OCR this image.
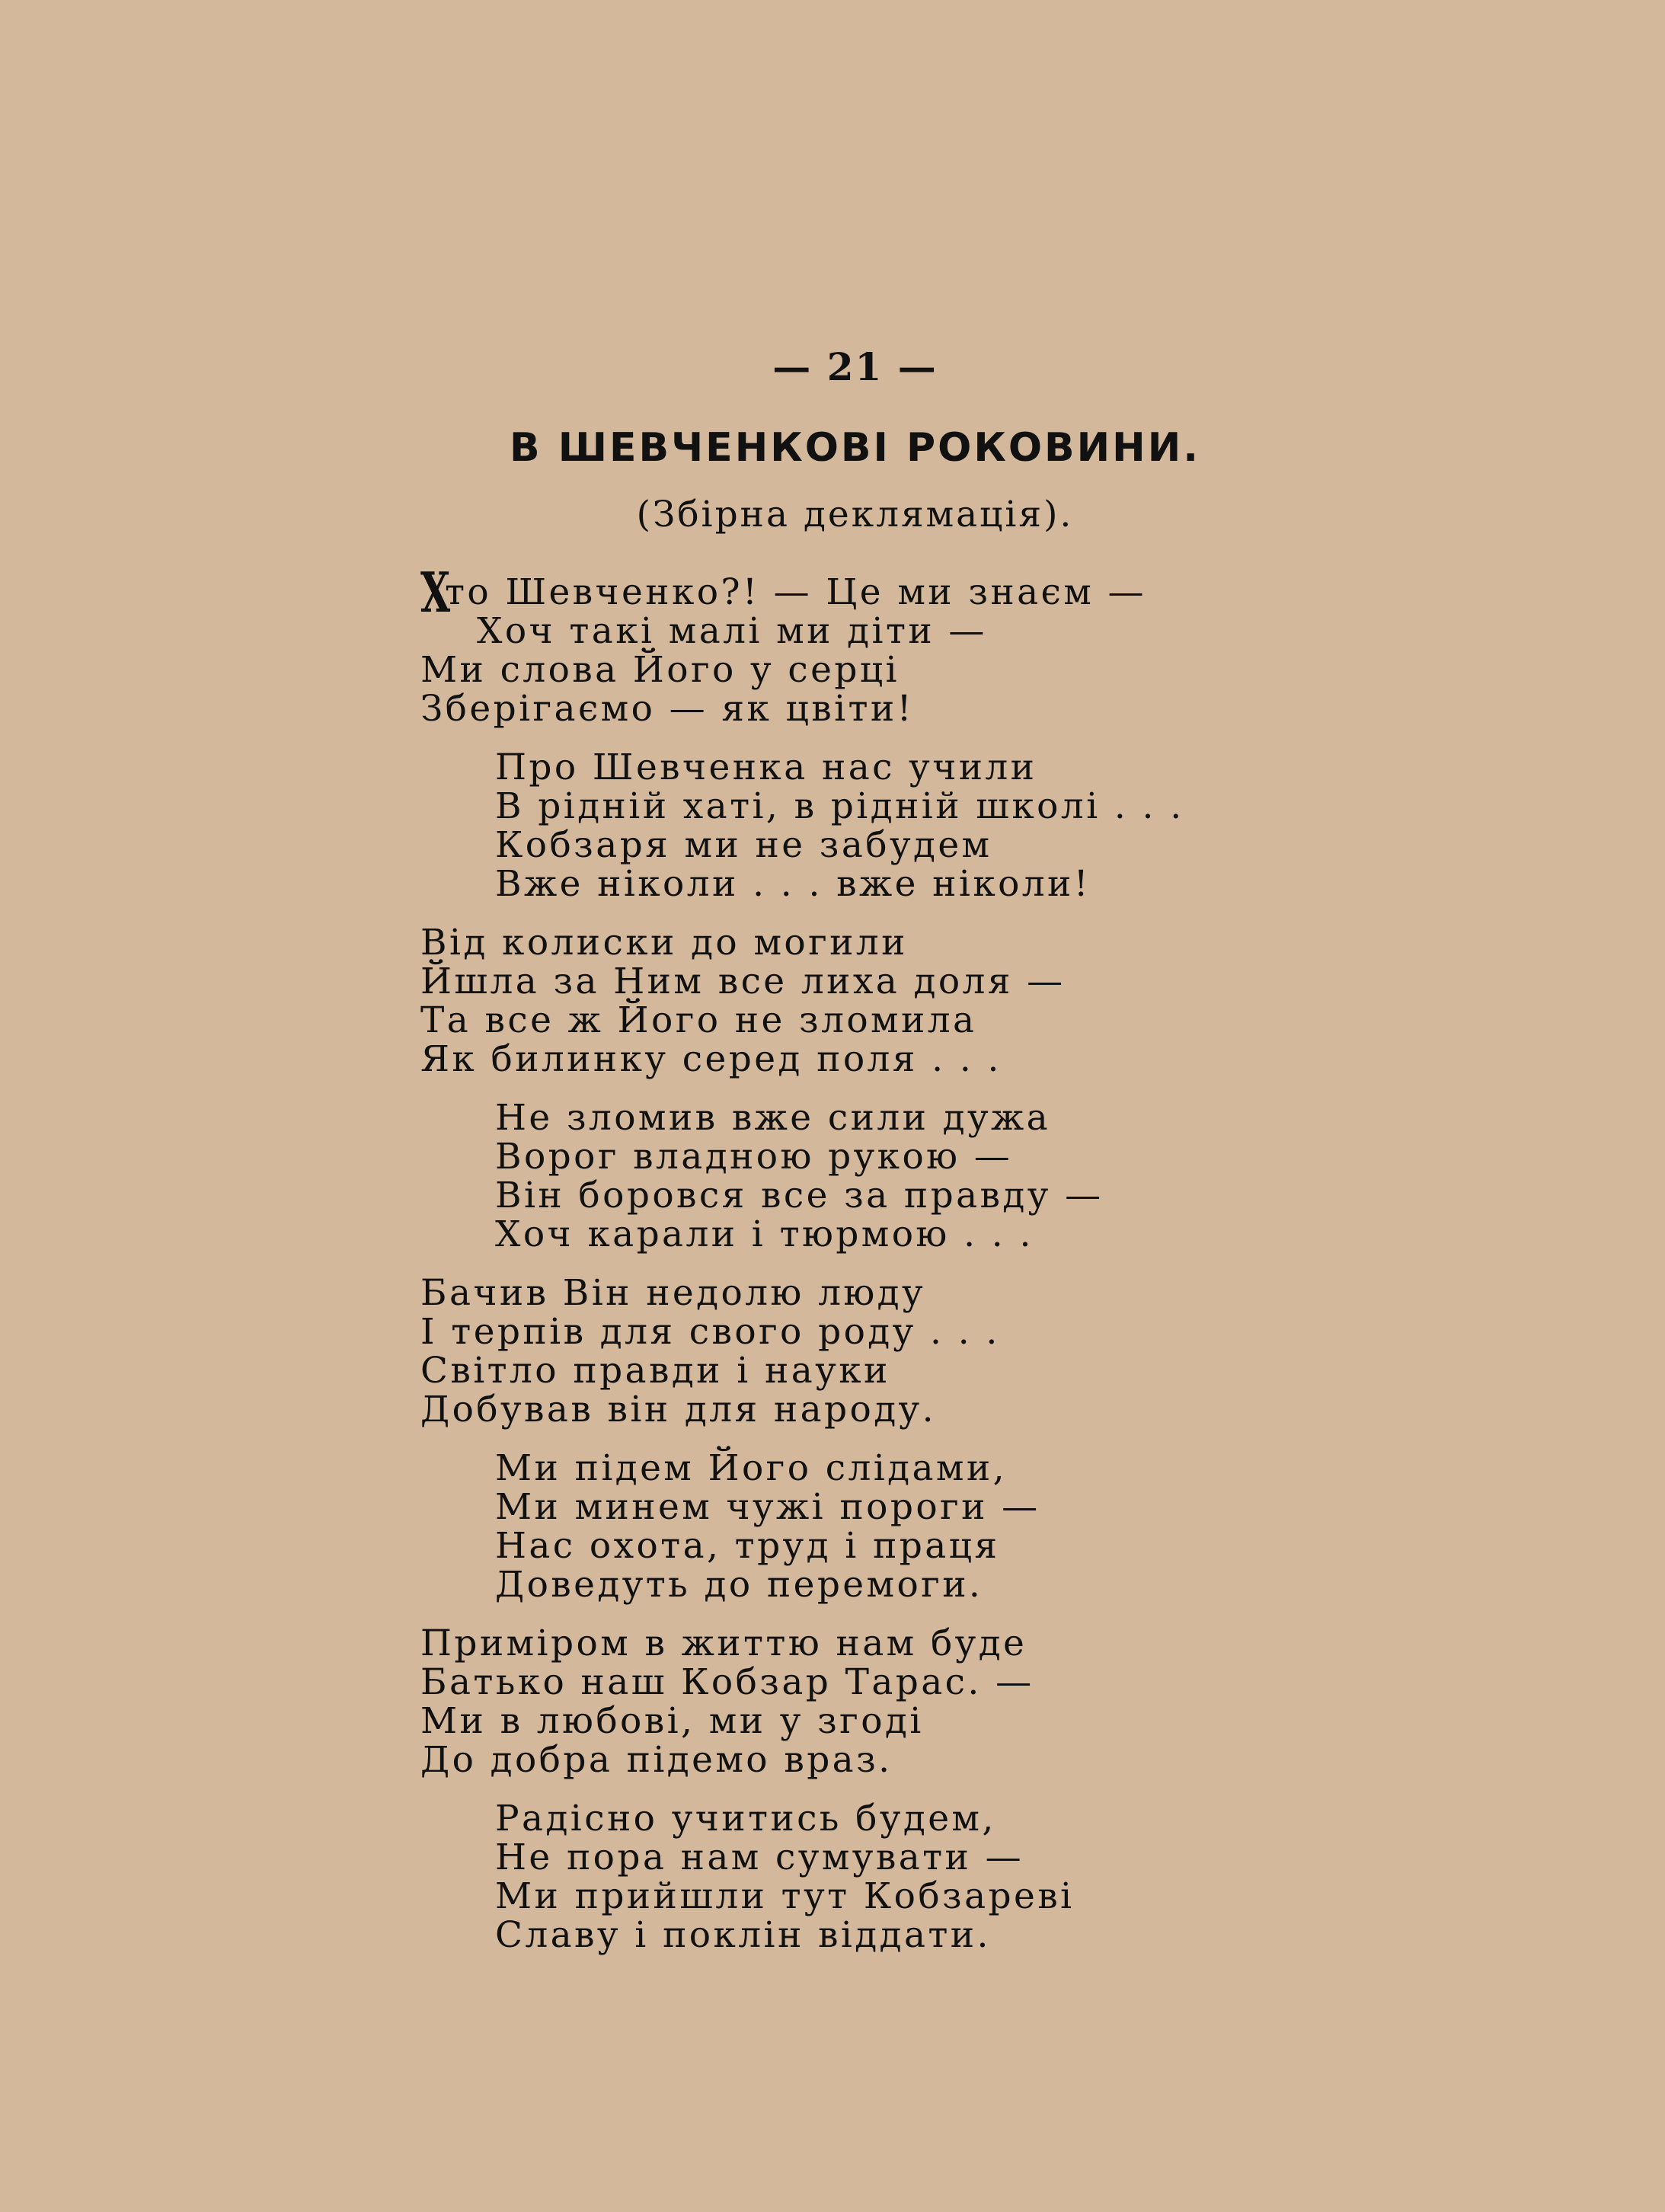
— 21 —
В ШЕВЧЕНКОВІ РОКОВИНИ.
(Збірна деклямація).
Хто Шевченко?! — Це ми знаєм —
Хоч такі малі ми діти —
Ми слова Його у серці
Зберігаємо — як цвіти!
Про Шевченка нас учили
В рідній хаті, в рідній школі . . .
Кобзаря ми не забудем
Вже ніколи . . . вже ніколи!
Від колиски до могили
Йшла за Ним все лиха доля —
Та все ж Його не зломила
Як билинку серед поля . . .
Не зломив вже сили дужа
Ворог владною рукою —
Він боровся все за правду —
Хоч карали і тюрмою . . .
Бачив Він недолю люду
І терпів для свого роду . . .
Світло правди і науки
Добував він для народу.
Ми підем Його слідами,
Ми минем чужі пороги —
Нас охота, труд і праця
Доведуть до перемоги.
Приміром в життю нам буде
Батько наш Кобзар Тарас. —
Ми в любові, ми у згоді
До добра підемо враз.
Радісно учитись будем,
Не пора нам сумувати —
Ми прийшли тут Кобзареві
Славу і поклін віддати.
